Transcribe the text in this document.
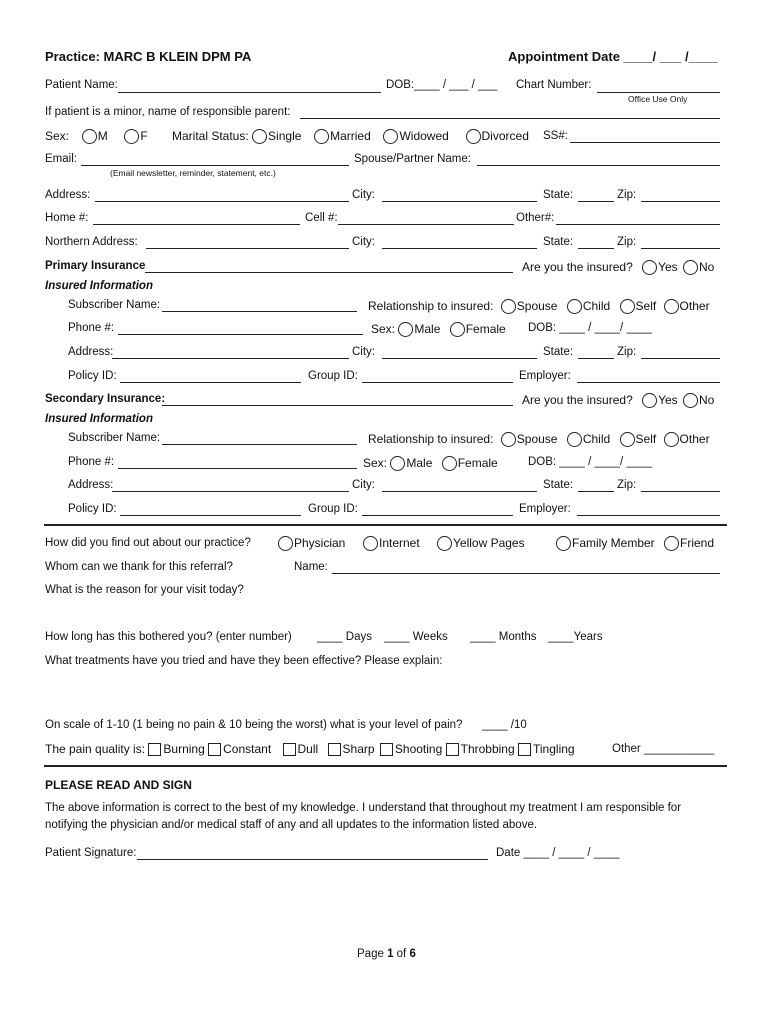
Practice: MARC B KLEIN DPM PA	Appointment Date ____/ ___ /____
Patient Name:	DOB:____ / ___ / ___ Chart Number:
Office Use Only
If patient is a minor, name of responsible parent:
Sex: M	F Marital Status: Single Married Widowed	Divorced SS#:
Email:
(Email newsletter, reminder, statement, etc.)
Spouse/Partner Name:
Address:	City:	State:	Zip:
Home #:	Cell #:	Other#:
Northern Address:	City:	State:	Zip:
Primary Insurance	Are you the insured? Yes No
Insured Information
Subscriber Name:	Relationship to insured: Spouse Child Self Other
Phone #:	Sex: Male Female DOB: ____ / ____/ ____
Address:	City:	State:	Zip:
Policy ID:	Group ID:	Employer:
Secondary Insurance:	Are you the insured? Yes No
Insured Information
Subscriber Name:	Relationship to insured: Spouse Child Self Other
Phone #:	Sex: Male Female	DOB: ____ / ____/ ____
Address:	City:	State:	Zip:
Policy ID:	Group ID:	Employer:
How did you find out about our practice?	Physician	Internet	Yellow Pages	Family Member	Friend
Whom can we thank for this referral?	Name:
What is the reason for your visit today?
How long has this bothered you? (enter number) ____ Days ____ Weeks ____ Months ____Years
What treatments have you tried and have they been effective? Please explain:
On scale of 1-10 (1 being no pain & 10 being the worst) what is your level of pain? ____ /10
The pain quality is: Burning Constant Dull Sharp Shooting Throbbing Tingling	Other ___________
PLEASE READ AND SIGN
The above information is correct to the best of my knowledge. I understand that throughout my treatment I am responsible for
notifying the physician and/or medical staff of any and all updates to the information listed above.
Patient Signature:	Date ____ / ____ / ____
Page 1 of 6
